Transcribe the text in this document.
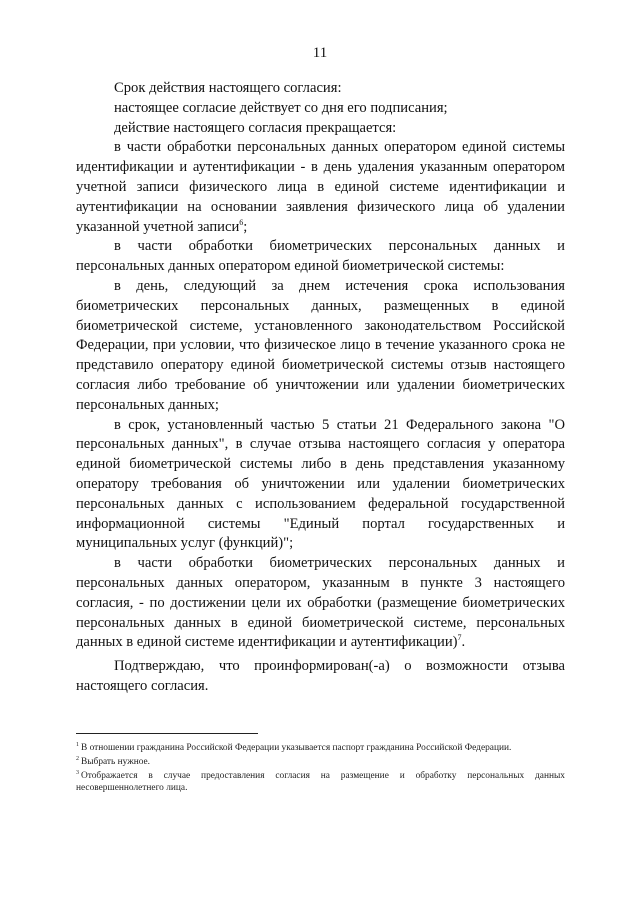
11

Срок действия настоящего согласия:

настоящее согласие действует со дня его подписания;

действие настоящего согласия прекращается:

в части обработки персональных данных оператором единой системы идентификации и аутентификации - в день удаления указанным оператором учетной записи физического лица в единой системе идентификации и аутентификации на основании заявления физического лица об удалении указанной учетной записи$^6$;

в части обработки биометрических персональных данных и персональных данных оператором единой биометрической системы:

в день, следующий за днем истечения срока использования биометрических персональных данных, размещенных в единой биометрической системе, установленного законодательством Российской Федерации, при условии, что физическое лицо в течение указанного срока не представило оператору единой биометрической системы отзыв настоящего согласия либо требование об уничтожении или удалении биометрических персональных данных;

в срок, установленный частью 5 статьи 21 Федерального закона "О персональных данных", в случае отзыва настоящего согласия у оператора единой биометрической системы либо в день представления указанному оператору требования об уничтожении или удалении биометрических персональных данных с использованием федеральной государственной информационной системы "Единый портал государственных и муниципальных услуг (функций)";

в части обработки биометрических персональных данных и персональных данных оператором, указанным в пункте 3 настоящего согласия, - по достижении цели их обработки (размещение биометрических персональных данных в единой биометрической системе, персональных данных в единой системе идентификации и аутентификации)$^7$.

Подтверждаю, что проинформирован(-а) о возможности отзыва настоящего согласия.

$^1$ В отношении гражданина Российской Федерации указывается паспорт гражданина Российской Федерации.

$^2$ Выбрать нужное.

$^3$ Отображается в случае предоставления согласия на размещение и обработку персональных данных несовершеннолетнего лица.
